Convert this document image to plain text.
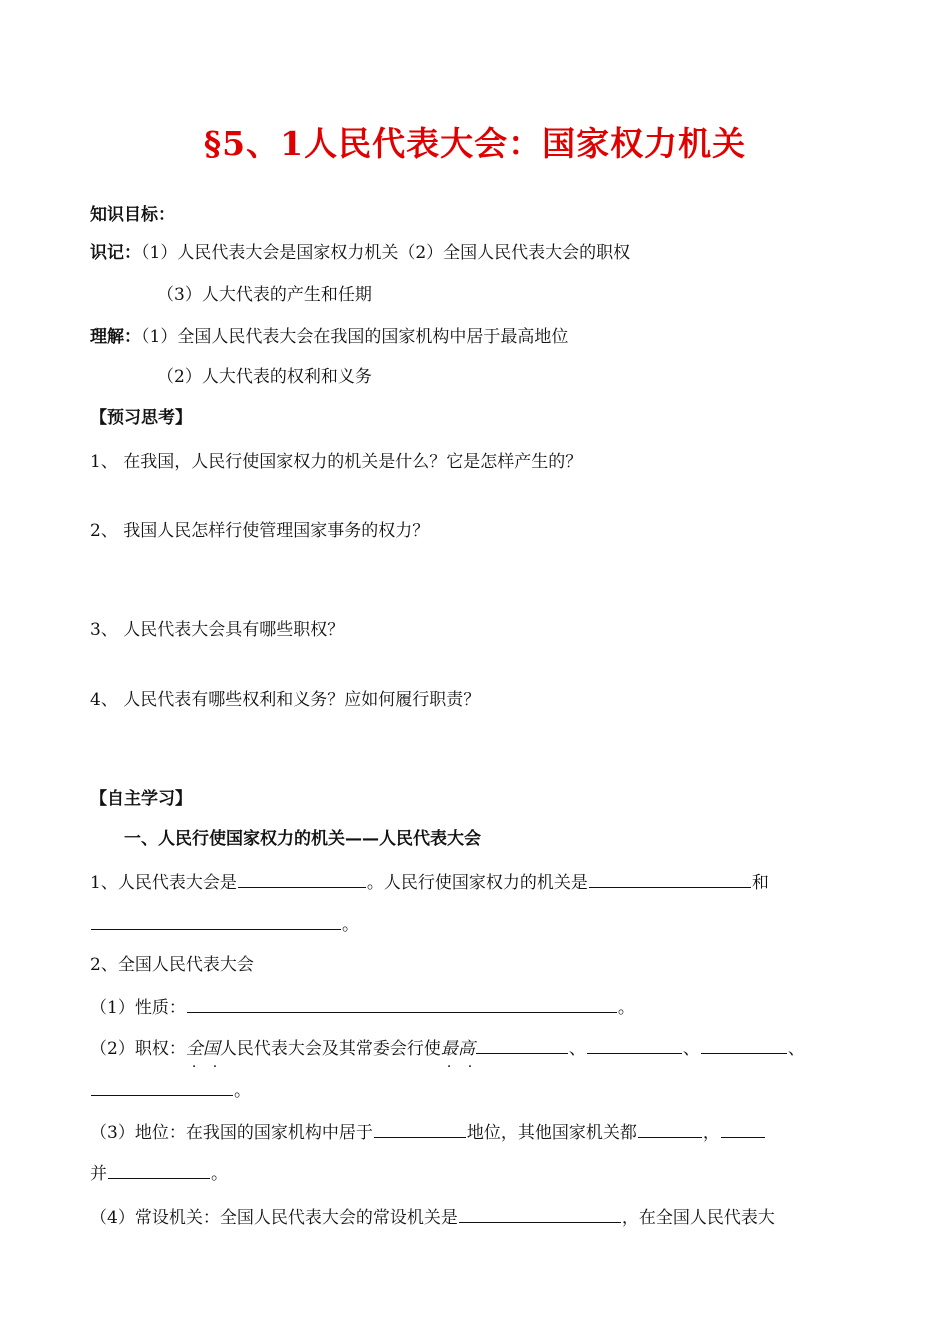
§5、1人民代表大会：国家权力机关
知识目标：
识记：（1）人民代表大会是国家权力机关（2）全国人民代表大会的职权
（3）人大代表的产生和任期
理解：（1）全国人民代表大会在我国的国家机构中居于最高地位
（2）人大代表的权利和义务
【预习思考】
1、 在我国，人民行使国家权力的机关是什么？它是怎样产生的？
2、 我国人民怎样行使管理国家事务的权力？
3、 人民代表大会具有哪些职权？
4、 人民代表有哪些权利和义务？应如何履行职责？
【自主学习】
一、人民行使国家权力的机关——人民代表大会
1、人民代表大会是	。人民行使国家权力的机关是	和
。
2、全国人民代表大会
（1）性质：	。
（2）职权：全国 · ·人民代表大会及其常委会行使最高 · ·	、	、	、
。
（3）地位：在我国的国家机构中居于	地位，其他国家机关都	，
并	。
（4）常设机关：全国人民代表大会的常设机关是	，在全国人民代表大
